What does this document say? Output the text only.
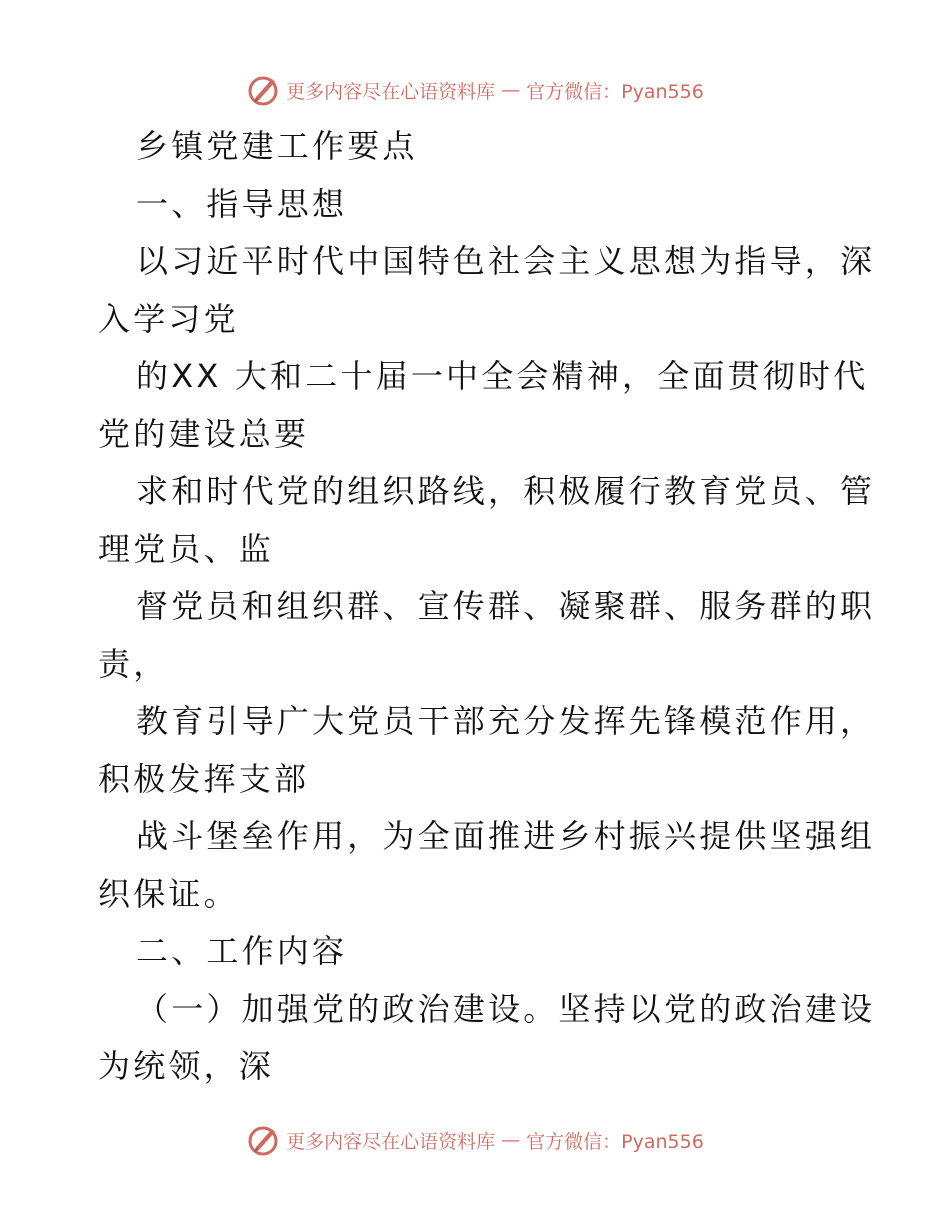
更多内容尽在心语资料库 — 官方微信：Pyan556
乡镇党建工作要点
一、指导思想
以习近平时代中国特色社会主义思想为指导，深
入学习党
的XX 大和二十届一中全会精神，全面贯彻时代
党的建设总要
求和时代党的组织路线，积极履行教育党员、管
理党员、监
督党员和组织群、宣传群、凝聚群、服务群的职
责，
教育引导广大党员干部充分发挥先锋模范作用，
积极发挥支部
战斗堡垒作用，为全面推进乡村振兴提供坚强组
织保证。
二、工作内容
（一）加强党的政治建设。坚持以党的政治建设
为统领，深
更多内容尽在心语资料库 — 官方微信：Pyan556
